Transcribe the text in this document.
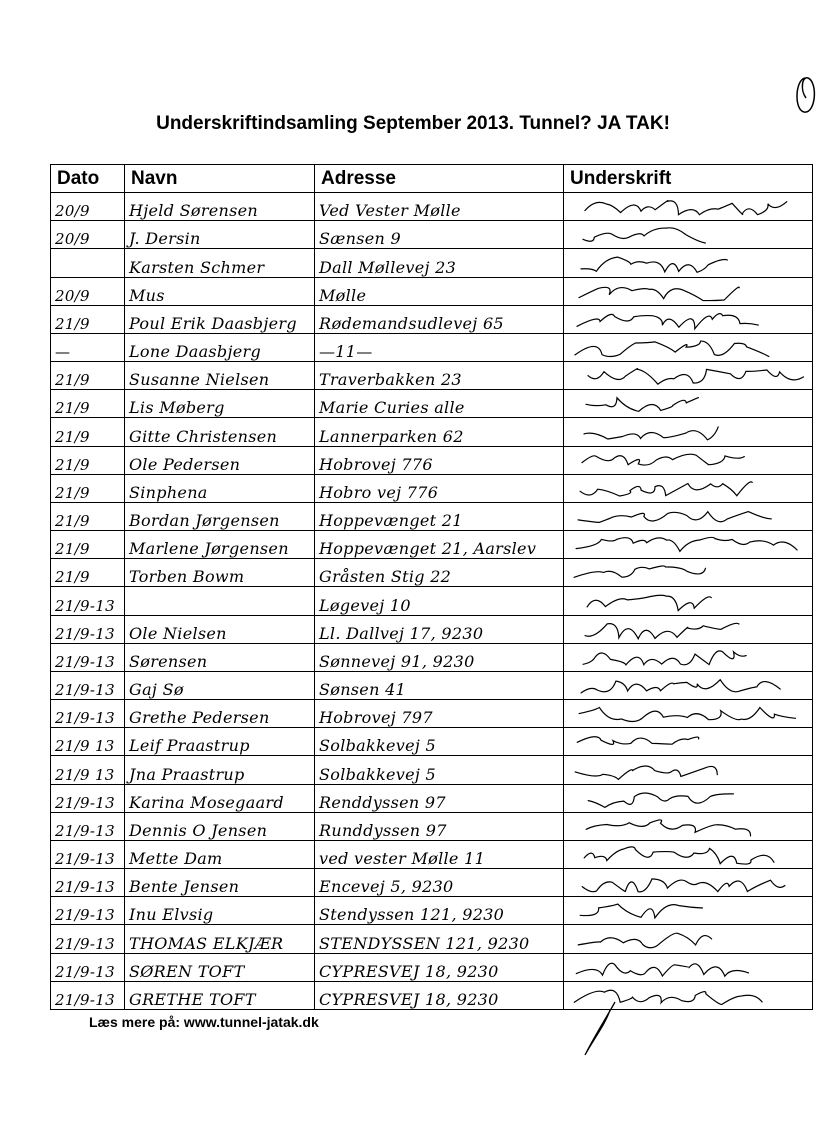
Underskriftindsamling September 2013. Tunnel? JA TAK!
Dato	Navn	Adresse	Underskrift
20/9	Hjeld Sørensen	Ved Vester Mølle	

20/9	J. Dersin	Sænsen 9	

	Karsten Schmer	Dall Møllevej 23	

20/9	Mus	Mølle	

21/9	Poul Erik Daasbjerg	Rødemandsudlevej 65	

—	Lone Daasbjerg	—11—	

21/9	Susanne Nielsen	Traverbakken 23	

21/9	Lis Møberg	Marie Curies alle	

21/9	Gitte Christensen	Lannerparken 62	

21/9	Ole Pedersen	Hobrovej 776	

21/9	Sinphena	Hobro vej 776	

21/9	Bordan Jørgensen	Hoppevænget 21	

21/9	Marlene Jørgensen	Hoppevænget 21, Aarslev	

21/9	Torben Bowm	Gråsten Stig 22	

21/9-13		Løgevej 10	

21/9-13	Ole Nielsen	Ll. Dallvej 17, 9230	

21/9-13	Sørensen	Sønnevej 91, 9230	

21/9-13	Gaj Sø	Sønsen 41	

21/9-13	Grethe Pedersen	Hobrovej 797	

21/9 13	Leif Praastrup	Solbakkevej 5	

21/9 13	Jna Praastrup	Solbakkevej 5	

21/9-13	Karina Mosegaard	Renddyssen 97	

21/9-13	Dennis O Jensen	Runddyssen 97	

21/9-13	Mette Dam	ved vester Mølle 11	

21/9-13	Bente Jensen	Encevej 5, 9230	

21/9-13	Inu Elvsig	Stendyssen 121, 9230	

21/9-13	THOMAS ELKJÆR	STENDYSSEN 121, 9230	

21/9-13	SØREN TOFT	CYPRESVEJ 18, 9230	

21/9-13	GRETHE TOFT	CYPRESVEJ 18, 9230	
Læs mere på: www.tunnel-jatak.dk
